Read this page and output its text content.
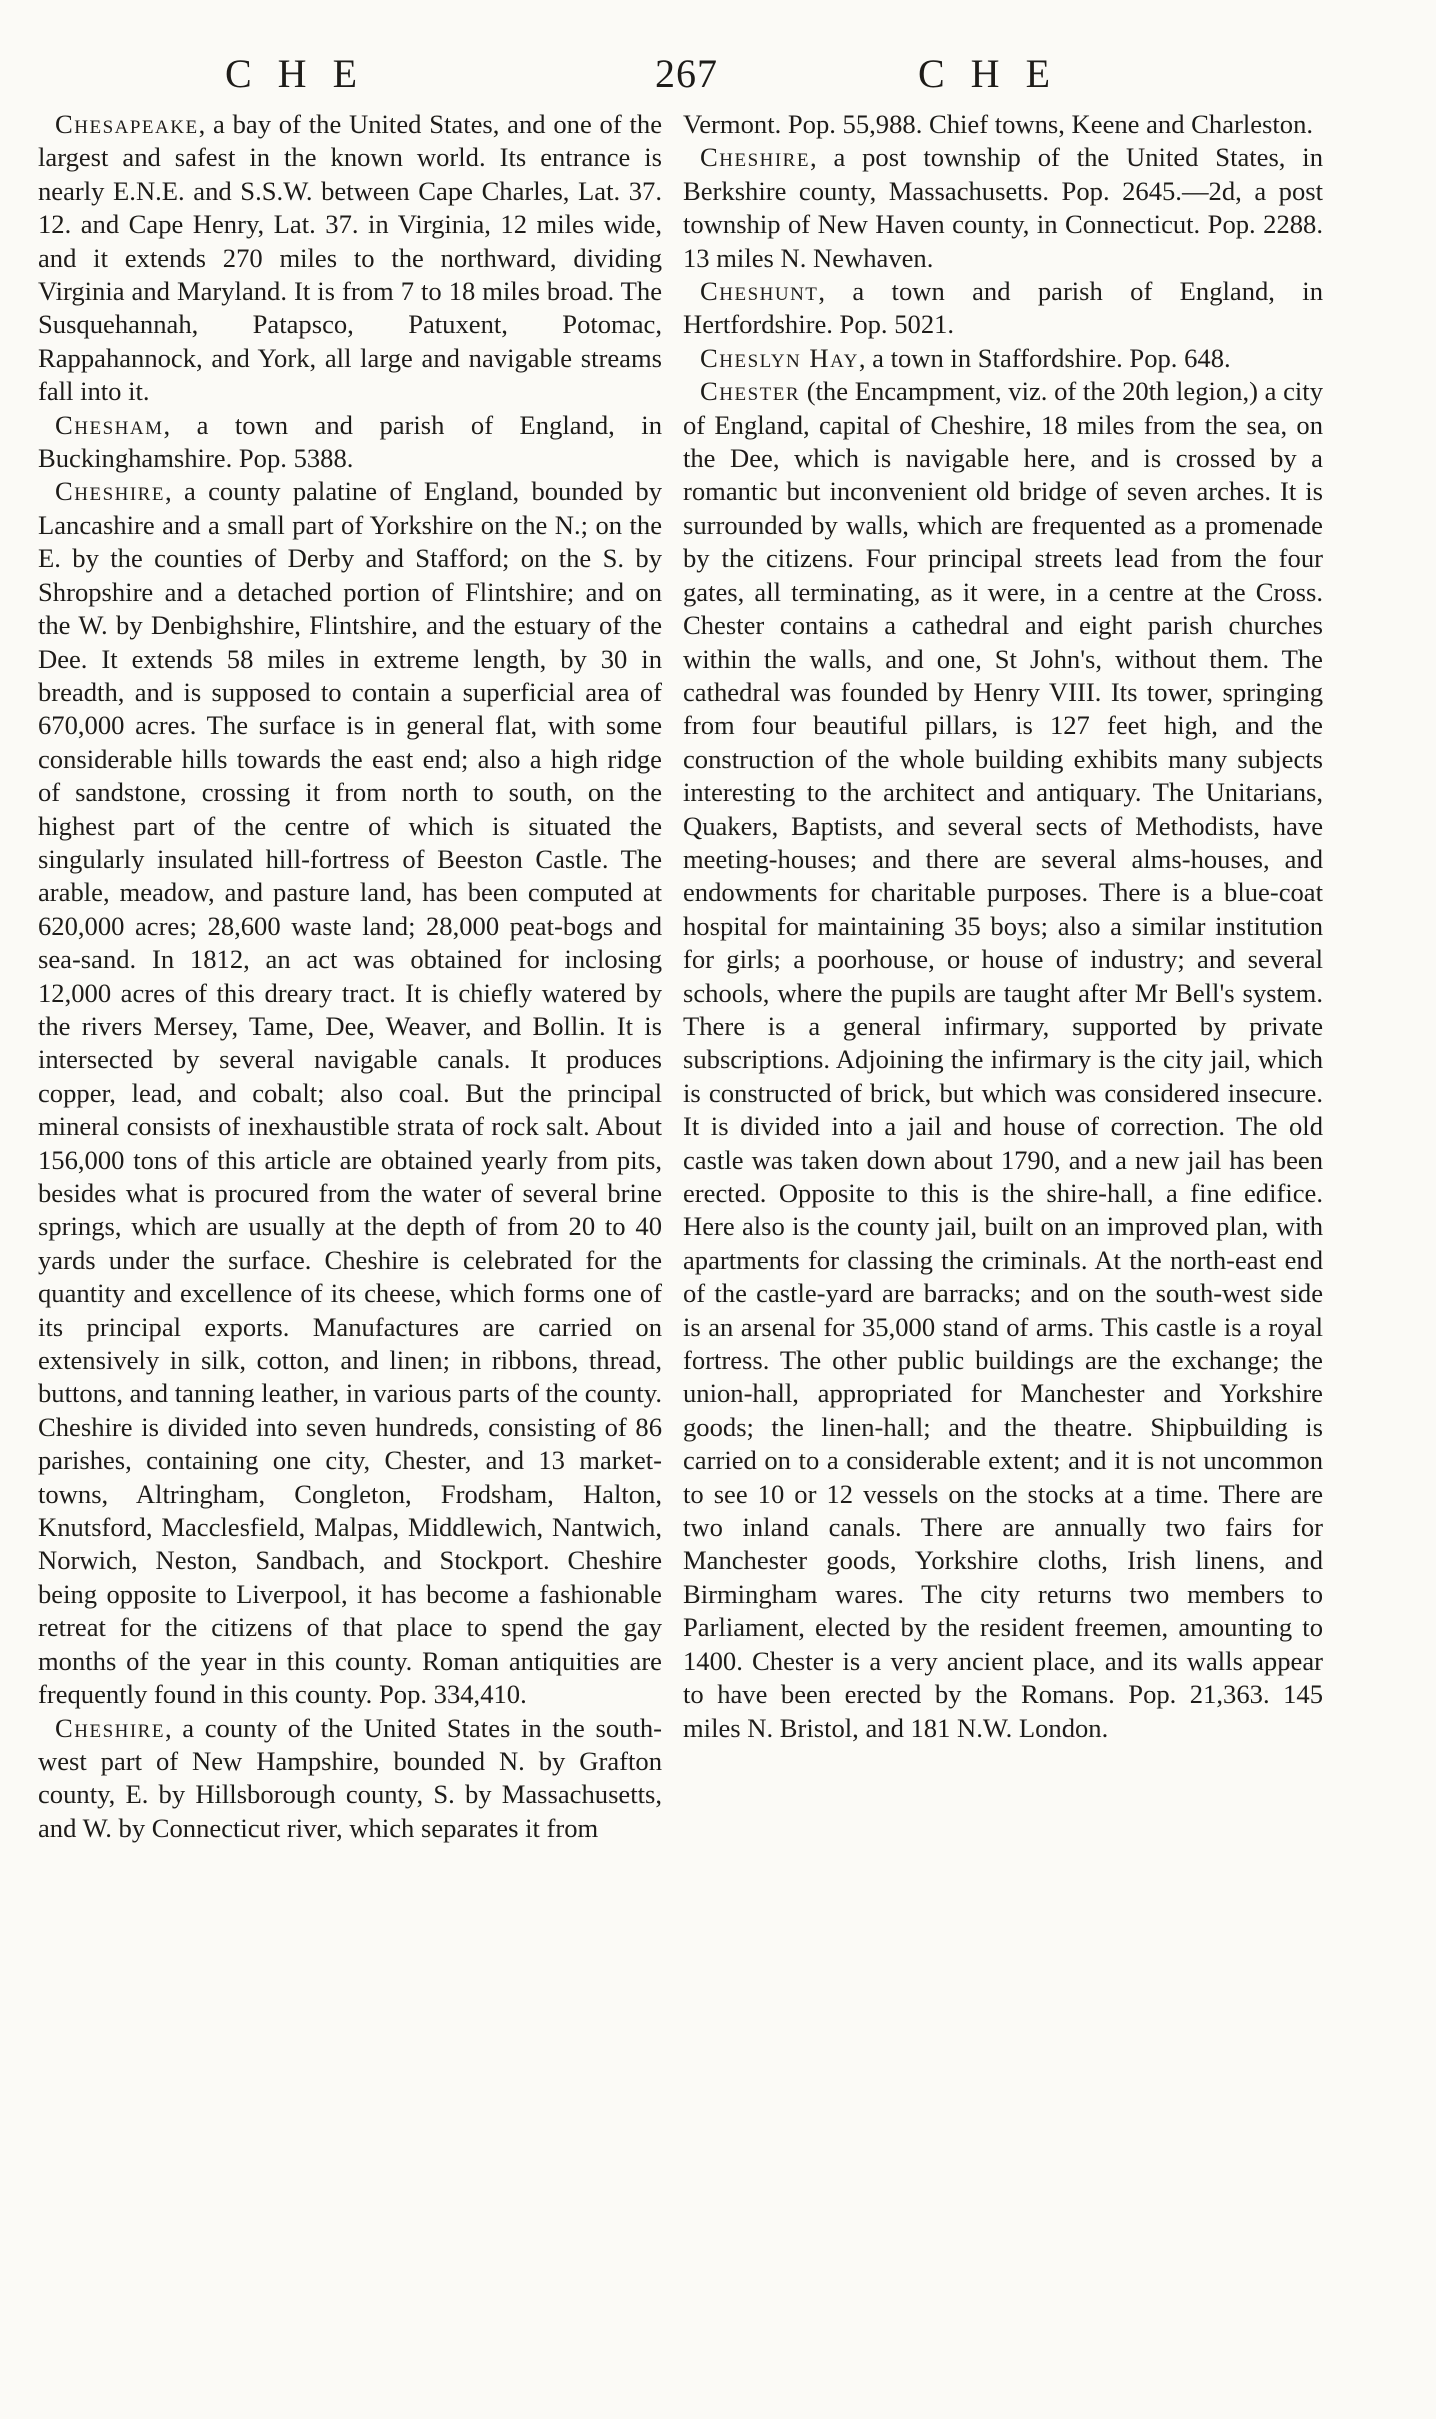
CHE	267	CHE

Chesapeake, a bay of the United States, and one of the largest and safest in the known world. Its entrance is nearly E.N.E. and S.S.W. between Cape Charles, Lat. 37. 12. and Cape Henry, Lat. 37. in Virginia, 12 miles wide, and it extends 270 miles to the northward, dividing Virginia and Maryland. It is from 7 to 18 miles broad. The Susquehannah, Patapsco, Patuxent, Potomac, Rappahannock, and York, all large and navigable streams fall into it.

Chesham, a town and parish of England, in Buckinghamshire. Pop. 5388.

Cheshire, a county palatine of England, bounded by Lancashire and a small part of Yorkshire on the N.; on the E. by the counties of Derby and Stafford; on the S. by Shropshire and a detached portion of Flintshire; and on the W. by Denbighshire, Flintshire, and the estuary of the Dee. It extends 58 miles in extreme length, by 30 in breadth, and is supposed to contain a superficial area of 670,000 acres. The surface is in general flat, with some considerable hills towards the east end; also a high ridge of sandstone, crossing it from north to south, on the highest part of the centre of which is situated the singularly insulated hill-fortress of Beeston Castle. The arable, meadow, and pasture land, has been computed at 620,000 acres; 28,600 waste land; 28,000 peat-bogs and sea-sand. In 1812, an act was obtained for inclosing 12,000 acres of this dreary tract. It is chiefly watered by the rivers Mersey, Tame, Dee, Weaver, and Bollin. It is intersected by several navigable canals. It produces copper, lead, and cobalt; also coal. But the principal mineral consists of inexhaustible strata of rock salt. About 156,000 tons of this article are obtained yearly from pits, besides what is procured from the water of several brine springs, which are usually at the depth of from 20 to 40 yards under the surface. Cheshire is celebrated for the quantity and excellence of its cheese, which forms one of its principal exports. Manufactures are carried on extensively in silk, cotton, and linen; in ribbons, thread, buttons, and tanning leather, in various parts of the county. Cheshire is divided into seven hundreds, consisting of 86 parishes, containing one city, Chester, and 13 market-towns, Altringham, Congleton, Frodsham, Halton, Knutsford, Macclesfield, Malpas, Middlewich, Nantwich, Norwich, Neston, Sandbach, and Stockport. Cheshire being opposite to Liverpool, it has become a fashionable retreat for the citizens of that place to spend the gay months of the year in this county. Roman antiquities are frequently found in this county. Pop. 334,410.

Cheshire, a county of the United States in the south-west part of New Hampshire, bounded N. by Grafton county, E. by Hillsborough county, S. by Massachusetts, and W. by Connecticut river, which separates it from

Vermont. Pop. 55,988. Chief towns, Keene and Charleston.

Cheshire, a post township of the United States, in Berkshire county, Massachusetts. Pop. 2645.—2d, a post township of New Haven county, in Connecticut. Pop. 2288. 13 miles N. Newhaven.

Cheshunt, a town and parish of England, in Hertfordshire. Pop. 5021.

Cheslyn Hay, a town in Staffordshire. Pop. 648.

Chester (the Encampment, viz. of the 20th legion,) a city of England, capital of Cheshire, 18 miles from the sea, on the Dee, which is navigable here, and is crossed by a romantic but inconvenient old bridge of seven arches. It is surrounded by walls, which are frequented as a promenade by the citizens. Four principal streets lead from the four gates, all terminating, as it were, in a centre at the Cross. Chester contains a cathedral and eight parish churches within the walls, and one, St John's, without them. The cathedral was founded by Henry VIII. Its tower, springing from four beautiful pillars, is 127 feet high, and the construction of the whole building exhibits many subjects interesting to the architect and antiquary. The Unitarians, Quakers, Baptists, and several sects of Methodists, have meeting-houses; and there are several alms-houses, and endowments for charitable purposes. There is a blue-coat hospital for maintaining 35 boys; also a similar institution for girls; a poorhouse, or house of industry; and several schools, where the pupils are taught after Mr Bell's system. There is a general infirmary, supported by private subscriptions. Adjoining the infirmary is the city jail, which is constructed of brick, but which was considered insecure. It is divided into a jail and house of correction. The old castle was taken down about 1790, and a new jail has been erected. Opposite to this is the shire-hall, a fine edifice. Here also is the county jail, built on an improved plan, with apartments for classing the criminals. At the north-east end of the castle-yard are barracks; and on the south-west side is an arsenal for 35,000 stand of arms. This castle is a royal fortress. The other public buildings are the exchange; the union-hall, appropriated for Manchester and Yorkshire goods; the linen-hall; and the theatre. Shipbuilding is carried on to a considerable extent; and it is not uncommon to see 10 or 12 vessels on the stocks at a time. There are two inland canals. There are annually two fairs for Manchester goods, Yorkshire cloths, Irish linens, and Birmingham wares. The city returns two members to Parliament, elected by the resident freemen, amounting to 1400. Chester is a very ancient place, and its walls appear to have been erected by the Romans. Pop. 21,363. 145 miles N. Bristol, and 181 N.W. London.
